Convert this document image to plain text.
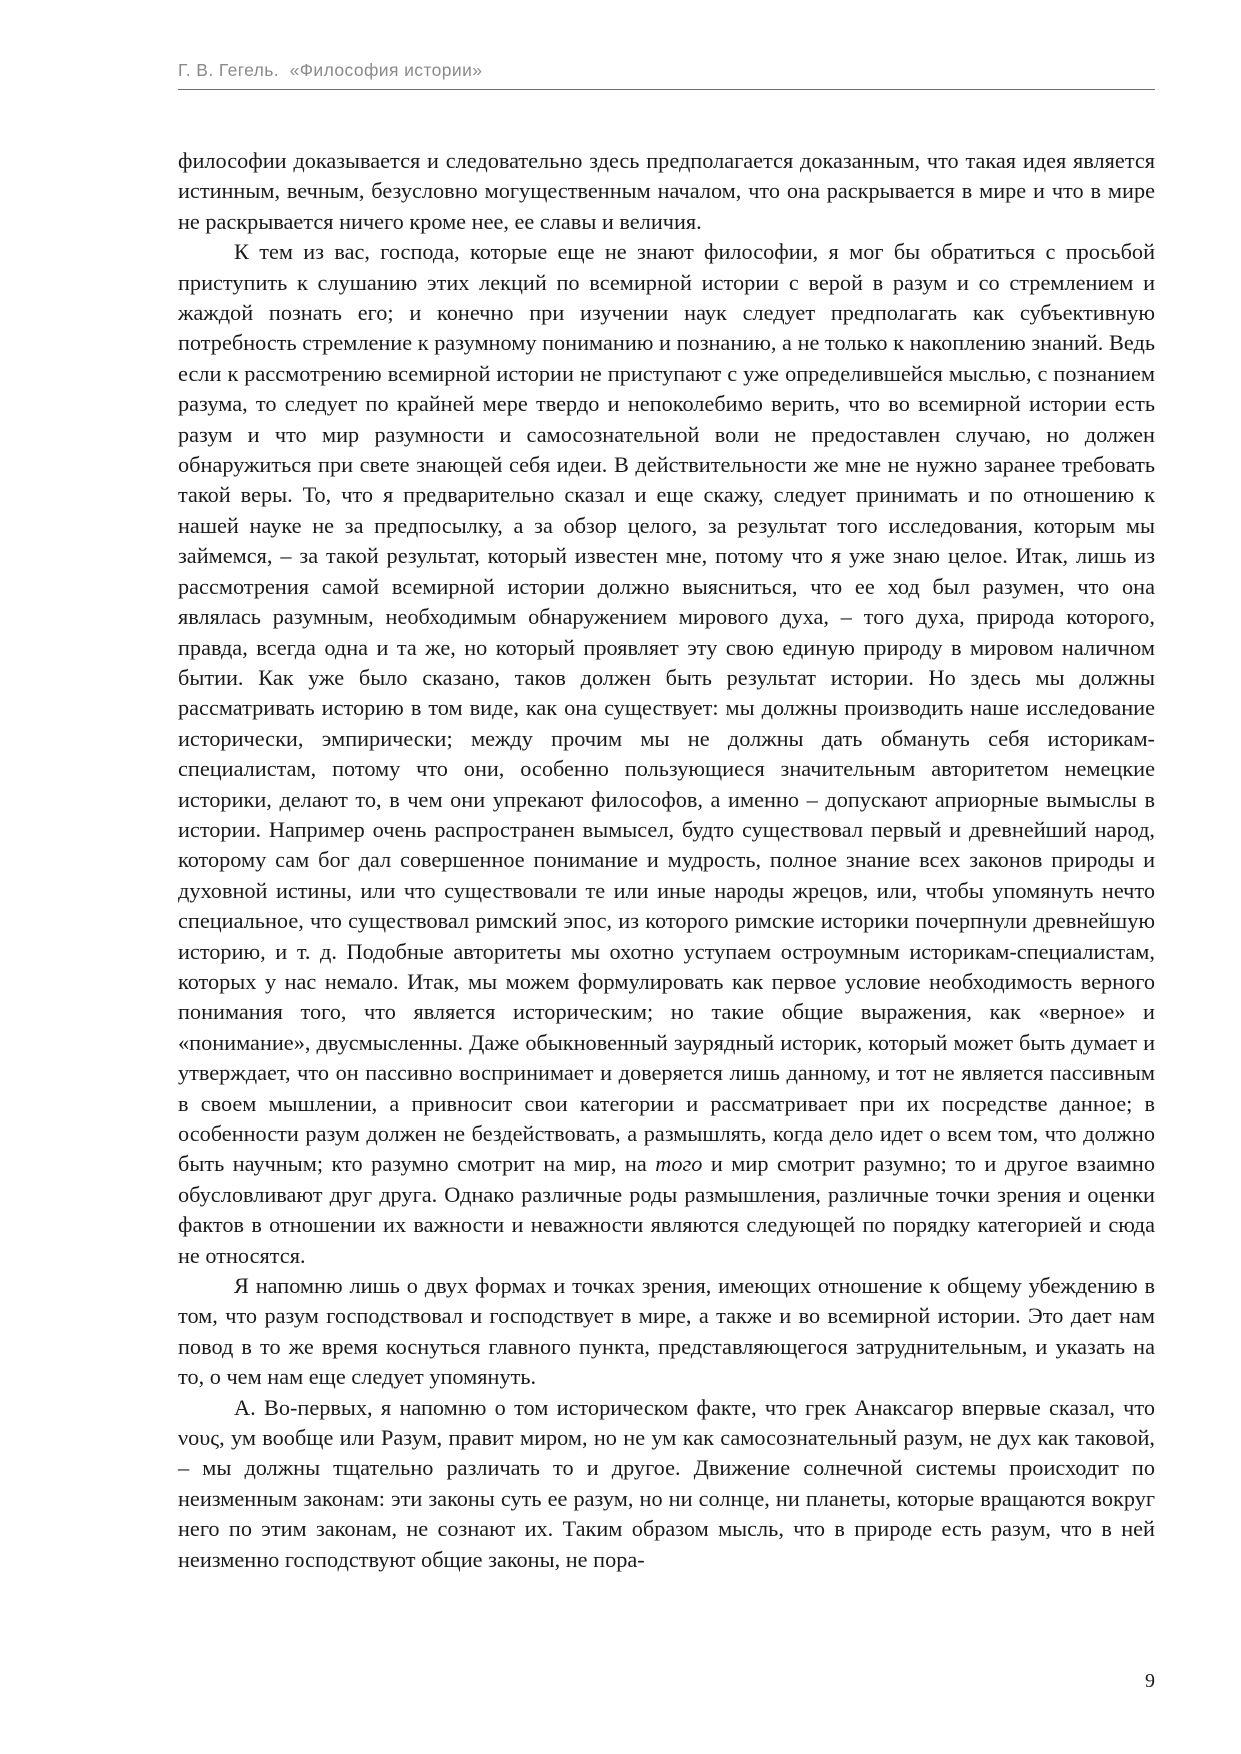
Г. В. Гегель. «Философия истории»

философии доказывается и следовательно здесь предполагается доказанным, что такая идея является истинным, вечным, безусловно могущественным началом, что она раскрывается в мире и что в мире не раскрывается ничего кроме нее, ее славы и величия.

К тем из вас, господа, которые еще не знают философии, я мог бы обратиться с просьбой приступить к слушанию этих лекций по всемирной истории с верой в разум и со стремлением и жаждой познать его; и конечно при изучении наук следует предполагать как субъективную потребность стремление к разумному пониманию и познанию, а не только к накоплению знаний. Ведь если к рассмотрению всемирной истории не приступают с уже определившейся мыслью, с познанием разума, то следует по крайней мере твердо и непоколебимо верить, что во всемирной истории есть разум и что мир разумности и самосознательной воли не предоставлен случаю, но должен обнаружиться при свете знающей себя идеи. В действительности же мне не нужно заранее требовать такой веры. То, что я предварительно сказал и еще скажу, следует принимать и по отношению к нашей науке не за предпосылку, а за обзор целого, за результат того исследования, которым мы займемся, – за такой результат, который известен мне, потому что я уже знаю целое. Итак, лишь из рассмотрения самой всемирной истории должно выясниться, что ее ход был разумен, что она являлась разумным, необходимым обнаружением мирового духа, – того духа, природа которого, правда, всегда одна и та же, но который проявляет эту свою единую природу в мировом наличном бытии. Как уже было сказано, таков должен быть результат истории. Но здесь мы должны рассматривать историю в том виде, как она существует: мы должны производить наше исследование исторически, эмпирически; между прочим мы не должны дать обмануть себя историкам-специалистам, потому что они, особенно пользующиеся значительным авторитетом немецкие историки, делают то, в чем они упрекают философов, а именно – допускают априорные вымыслы в истории. Например очень распространен вымысел, будто существовал первый и древнейший народ, которому сам бог дал совершенное понимание и мудрость, полное знание всех законов природы и духовной истины, или что существовали те или иные народы жрецов, или, чтобы упомянуть нечто специальное, что существовал римский эпос, из которого римские историки почерпнули древнейшую историю, и т. д. Подобные авторитеты мы охотно уступаем остроумным историкам-специалистам, которых у нас немало. Итак, мы можем формулировать как первое условие необходимость верного понимания того, что является историческим; но такие общие выражения, как «верное» и «понимание», двусмысленны. Даже обыкновенный заурядный историк, который может быть думает и утверждает, что он пассивно воспринимает и доверяется лишь данному, и тот не является пассивным в своем мышлении, а привносит свои категории и рассматривает при их посредстве данное; в особенности разум должен не бездействовать, а размышлять, когда дело идет о всем том, что должно быть научным; кто разумно смотрит на мир, на того и мир смотрит разумно; то и другое взаимно обусловливают друг друга. Однако различные роды размышления, различные точки зрения и оценки фактов в отношении их важности и неважности являются следующей по порядку категорией и сюда не относятся.

Я напомню лишь о двух формах и точках зрения, имеющих отношение к общему убеждению в том, что разум господствовал и господствует в мире, а также и во всемирной истории. Это дает нам повод в то же время коснуться главного пункта, представляющегося затруднительным, и указать на то, о чем нам еще следует упомянуть.

А. Во-первых, я напомню о том историческом факте, что грек Анаксагор впервые сказал, что νους, ум вообще или Разум, правит миром, но не ум как самосознательный разум, не дух как таковой, – мы должны тщательно различать то и другое. Движение солнечной системы происходит по неизменным законам: эти законы суть ее разум, но ни солнце, ни планеты, которые вращаются вокруг него по этим законам, не сознают их. Таким образом мысль, что в природе есть разум, что в ней неизменно господствуют общие законы, не пора-

9
